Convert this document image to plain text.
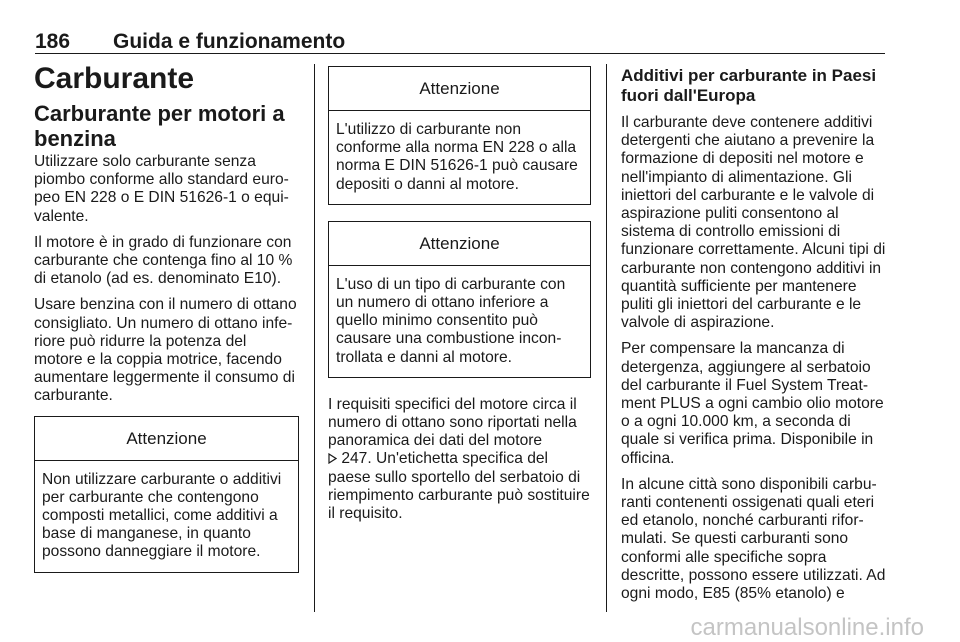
186 Guida e funzionamento
Carburante
Carburante per motori a benzina

Utilizzare solo carburante senza piombo conforme allo standard europeo EN 228 o E DIN 51626-1 o equivalente.

Il motore è in grado di funzionare con carburante che contenga fino al 10 % di etanolo (ad es. denominato E10).

Usare benzina con il numero di ottano consigliato. Un numero di ottano inferiore può ridurre la potenza del motore e la coppia motrice, facendo aumentare leggermente il consumo di carburante.

Attenzione
Non utilizzare carburante o additivi per carburante che contengono composti metallici, come additivi a base di manganese, in quanto possono danneggiare il motore.
Attenzione
L'utilizzo di carburante non conforme alla norma EN 228 o alla norma E DIN 51626-1 può causare depositi o danni al motore.
Attenzione
L'uso di un tipo di carburante con un numero di ottano inferiore a quello minimo consentito può causare una combustione incontrollata e danni al motore.

I requisiti specifici del motore circa il numero di ottano sono riportati nella panoramica dei dati del motore
247. Un'etichetta specifica del paese sullo sportello del serbatoio di riempimento carburante può sostituire il requisito.

Additivi per carburante in Paesi fuori dall'Europa

Il carburante deve contenere additivi detergenti che aiutano a prevenire la formazione di depositi nel motore e nell'impianto di alimentazione. Gli iniettori del carburante e le valvole di aspirazione puliti consentono al sistema di controllo emissioni di funzionare correttamente. Alcuni tipi di carburante non contengono additivi in quantità sufficiente per mantenere puliti gli iniettori del carburante e le valvole di aspirazione.

Per compensare la mancanza di detergenza, aggiungere al serbatoio del carburante il Fuel System Treatment PLUS a ogni cambio olio motore o a ogni 10.000 km, a seconda di quale si verifica prima. Disponibile in officina.

In alcune città sono disponibili carburanti contenenti ossigenati quali eteri ed etanolo, nonché carburanti riformulati. Se questi carburanti sono conformi alle specifiche sopra descritte, possono essere utilizzati. Ad ogni modo, E85 (85% etanolo) e

carmanualsonline.info
